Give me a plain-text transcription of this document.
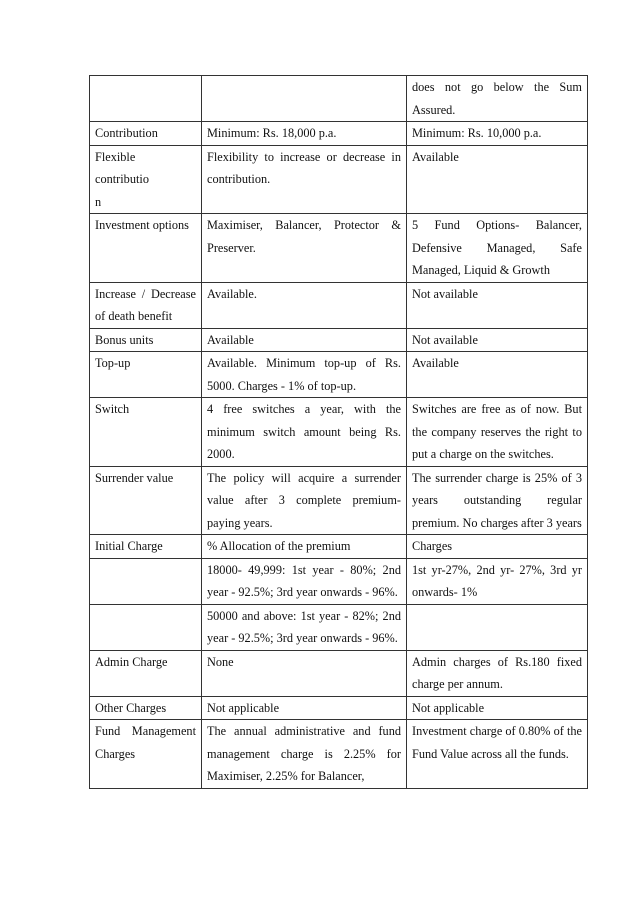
		does not go below the Sum Assured.
Contribution	Minimum: Rs. 18,000 p.a.	Minimum: Rs. 10,000 p.a.
Flexible contribution	Flexibility to increase or decrease in contribution.	Available
Investment options	Maximiser, Balancer, Protector & Preserver.	5 Fund Options- Balancer, Defensive Managed, Safe Managed, Liquid & Growth
Increase / Decrease of death benefit	Available.	Not available
Bonus units	Available	Not available
Top-up	Available. Minimum top-up of Rs. 5000. Charges - 1% of top-up.	Available
Switch	4 free switches a year, with the minimum switch amount being Rs. 2000.	Switches are free as of now. But the company reserves the right to put a charge on the switches.
Surrender value	The policy will acquire a surrender value after 3 complete premium-paying years.	The surrender charge is 25% of 3 years outstanding regular premium. No charges after 3 years
Initial Charge	% Allocation of the premium	Charges
	18000- 49,999: 1st year - 80%; 2nd year - 92.5%; 3rd year onwards - 96%.	1st yr-27%, 2nd yr- 27%, 3rd yr onwards- 1%
	50000 and above: 1st year - 82%; 2nd year - 92.5%; 3rd year onwards - 96%.	
Admin Charge	None	Admin charges of Rs.180 fixed charge per annum.
Other Charges	Not applicable	Not applicable
Fund Management Charges	The annual administrative and fund management charge is 2.25% for Maximiser, 2.25% for Balancer,	Investment charge of 0.80% of the Fund Value across all the funds.
